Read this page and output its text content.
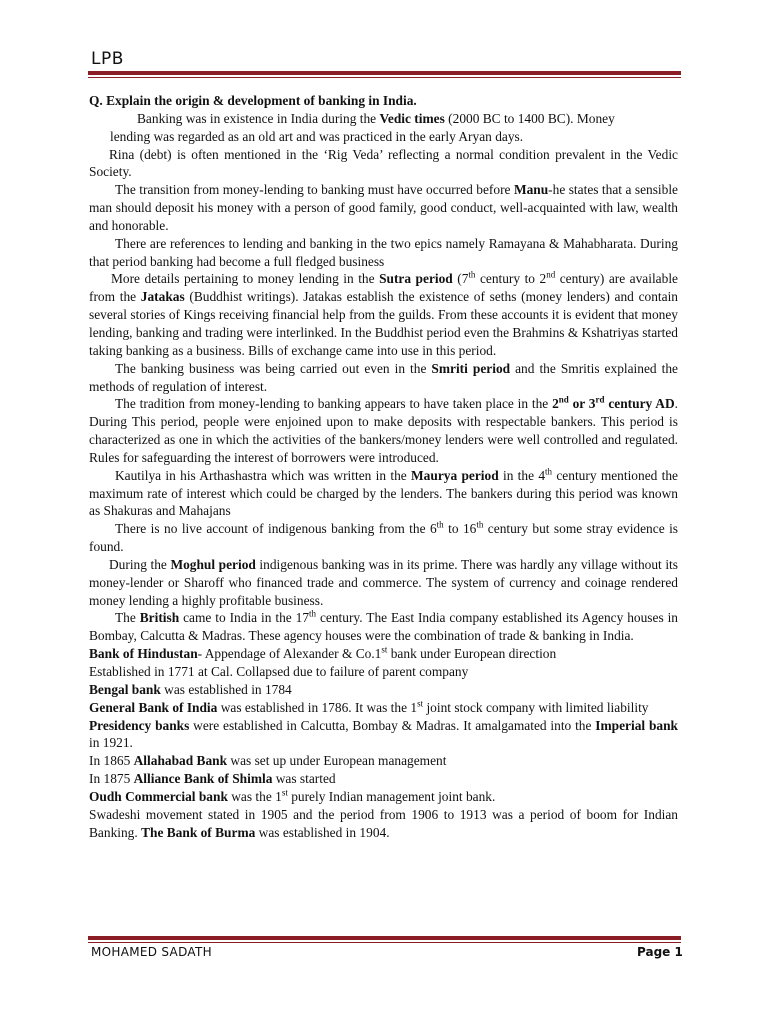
LPB

Q. Explain the origin & development of banking in India.

Banking was in existence in India during the Vedic times (2000 BC to 1400 BC). Money

lending was regarded as an old art and was practiced in the early Aryan days.

Rina (debt) is often mentioned in the ‘Rig Veda’ reflecting a normal condition prevalent in the Vedic Society.

The transition from money-lending to banking must have occurred before Manu-he states that a sensible man should deposit his money with a person of good family, good conduct, well-acquainted with law, wealth and honorable.

There are references to lending and banking in the two epics namely Ramayana & Mahabharata. During that period banking had become a full fledged business

More details pertaining to money lending in the Sutra period (7th century to 2nd century) are available from the Jatakas (Buddhist writings). Jatakas establish the existence of seths (money lenders) and contain several stories of Kings receiving financial help from the guilds. From these accounts it is evident that money lending, banking and trading were interlinked. In the Buddhist period even the Brahmins & Kshatriyas started taking banking as a business. Bills of exchange came into use in this period.

The banking business was being carried out even in the Smriti period and the Smritis explained the methods of regulation of interest.

The tradition from money-lending to banking appears to have taken place in the 2nd or 3rd century AD. During This period, people were enjoined upon to make deposits with respectable bankers. This period is characterized as one in which the activities of the bankers/money lenders were well controlled and regulated. Rules for safeguarding the interest of borrowers were introduced.

Kautilya in his Arthashastra which was written in the Maurya period in the 4th century mentioned the maximum rate of interest which could be charged by the lenders. The bankers during this period was known as Shakuras and Mahajans

There is no live account of indigenous banking from the 6th to 16th century but some stray evidence is found.

During the Moghul period indigenous banking was in its prime. There was hardly any village without its money-lender or Sharoff who financed trade and commerce. The system of currency and coinage rendered money lending a highly profitable business.

The British came to India in the 17th century. The East India company established its Agency houses in Bombay, Calcutta & Madras. These agency houses were the combination of trade & banking in India.

Bank of Hindustan- Appendage of Alexander & Co.1st bank under European direction

Established in 1771 at Cal. Collapsed due to failure of parent company

Bengal bank was established in 1784

General Bank of India was established in 1786. It was the 1st joint stock company with limited liability

Presidency banks were established in Calcutta, Bombay & Madras. It amalgamated into the Imperial bank in 1921.

In 1865 Allahabad Bank was set up under European management

In 1875 Alliance Bank of Shimla was started

Oudh Commercial bank was the 1st purely Indian management joint bank.

Swadeshi movement stated in 1905 and the period from 1906 to 1913 was a period of boom for Indian Banking. The Bank of Burma was established in 1904.

MOHAMED SADATH	Page 1
